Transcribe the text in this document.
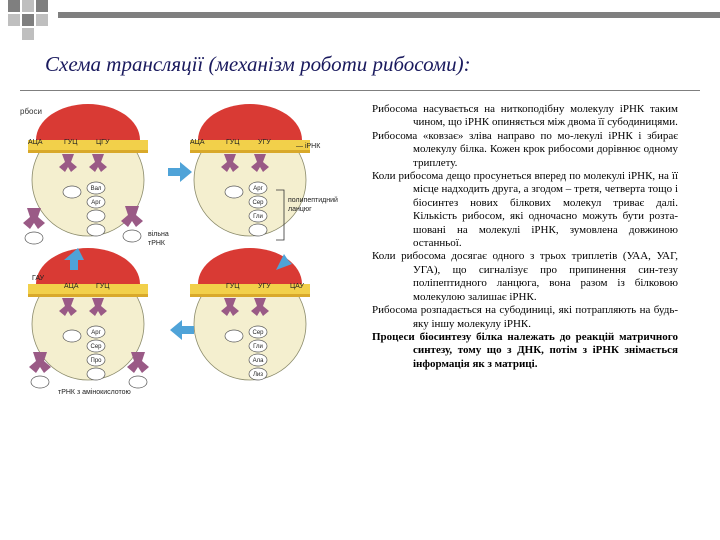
Схема трансляції (механізм роботи рибосоми):
рбоси
АЦА	ГУЦ	ЦГУ	АЦА	ГУЦ	УГУ
ГАУ
АЦА ГУЦ	ГУЦ	УГУ	ЦАУ
— іРНК
полипептидний ланцюг
вільна тРНК
тРНК з амінокислотою
Вал
Арг
Арг
Сер
Гли
Арг
Сер
Про
Сер
Гли
Ала
Лиз

Рибосома насувається на ниткоподібну молекулу іРНК таким чином, що іРНК опиняється між двома її субодиницями.

Рибосома «ковзає» зліва направо по мо-лекулі іРНК і збирає молекулу білка. Кожен крок рибосоми дорівнює одному триплету.

Коли рибосома дещо просунеться вперед по молекулі іРНК, на її місце надходить друга, а згодом – третя, четверта тощо і біосинтез нових білкових молекул триває далі. Кількість рибосом, які одночасно можуть бути розта-шовані на молекулі іРНК, зумовлена довжиною останньої.

Коли рибосома досягає одного з трьох триплетів (УАА, УАГ, УГА), що сигналізує про припинення син-тезу поліпептидного ланцюга, вона разом із білковою молекулою залишає іРНК.

Рибосома розпадається на субодиниці, які потрапляють на будь-яку іншу молекулу іРНК.

Процеси біосинтезу білка належать до реакцій матричного синтезу, тому що з ДНК, потім з іРНК знімається інформація як з матриці.
